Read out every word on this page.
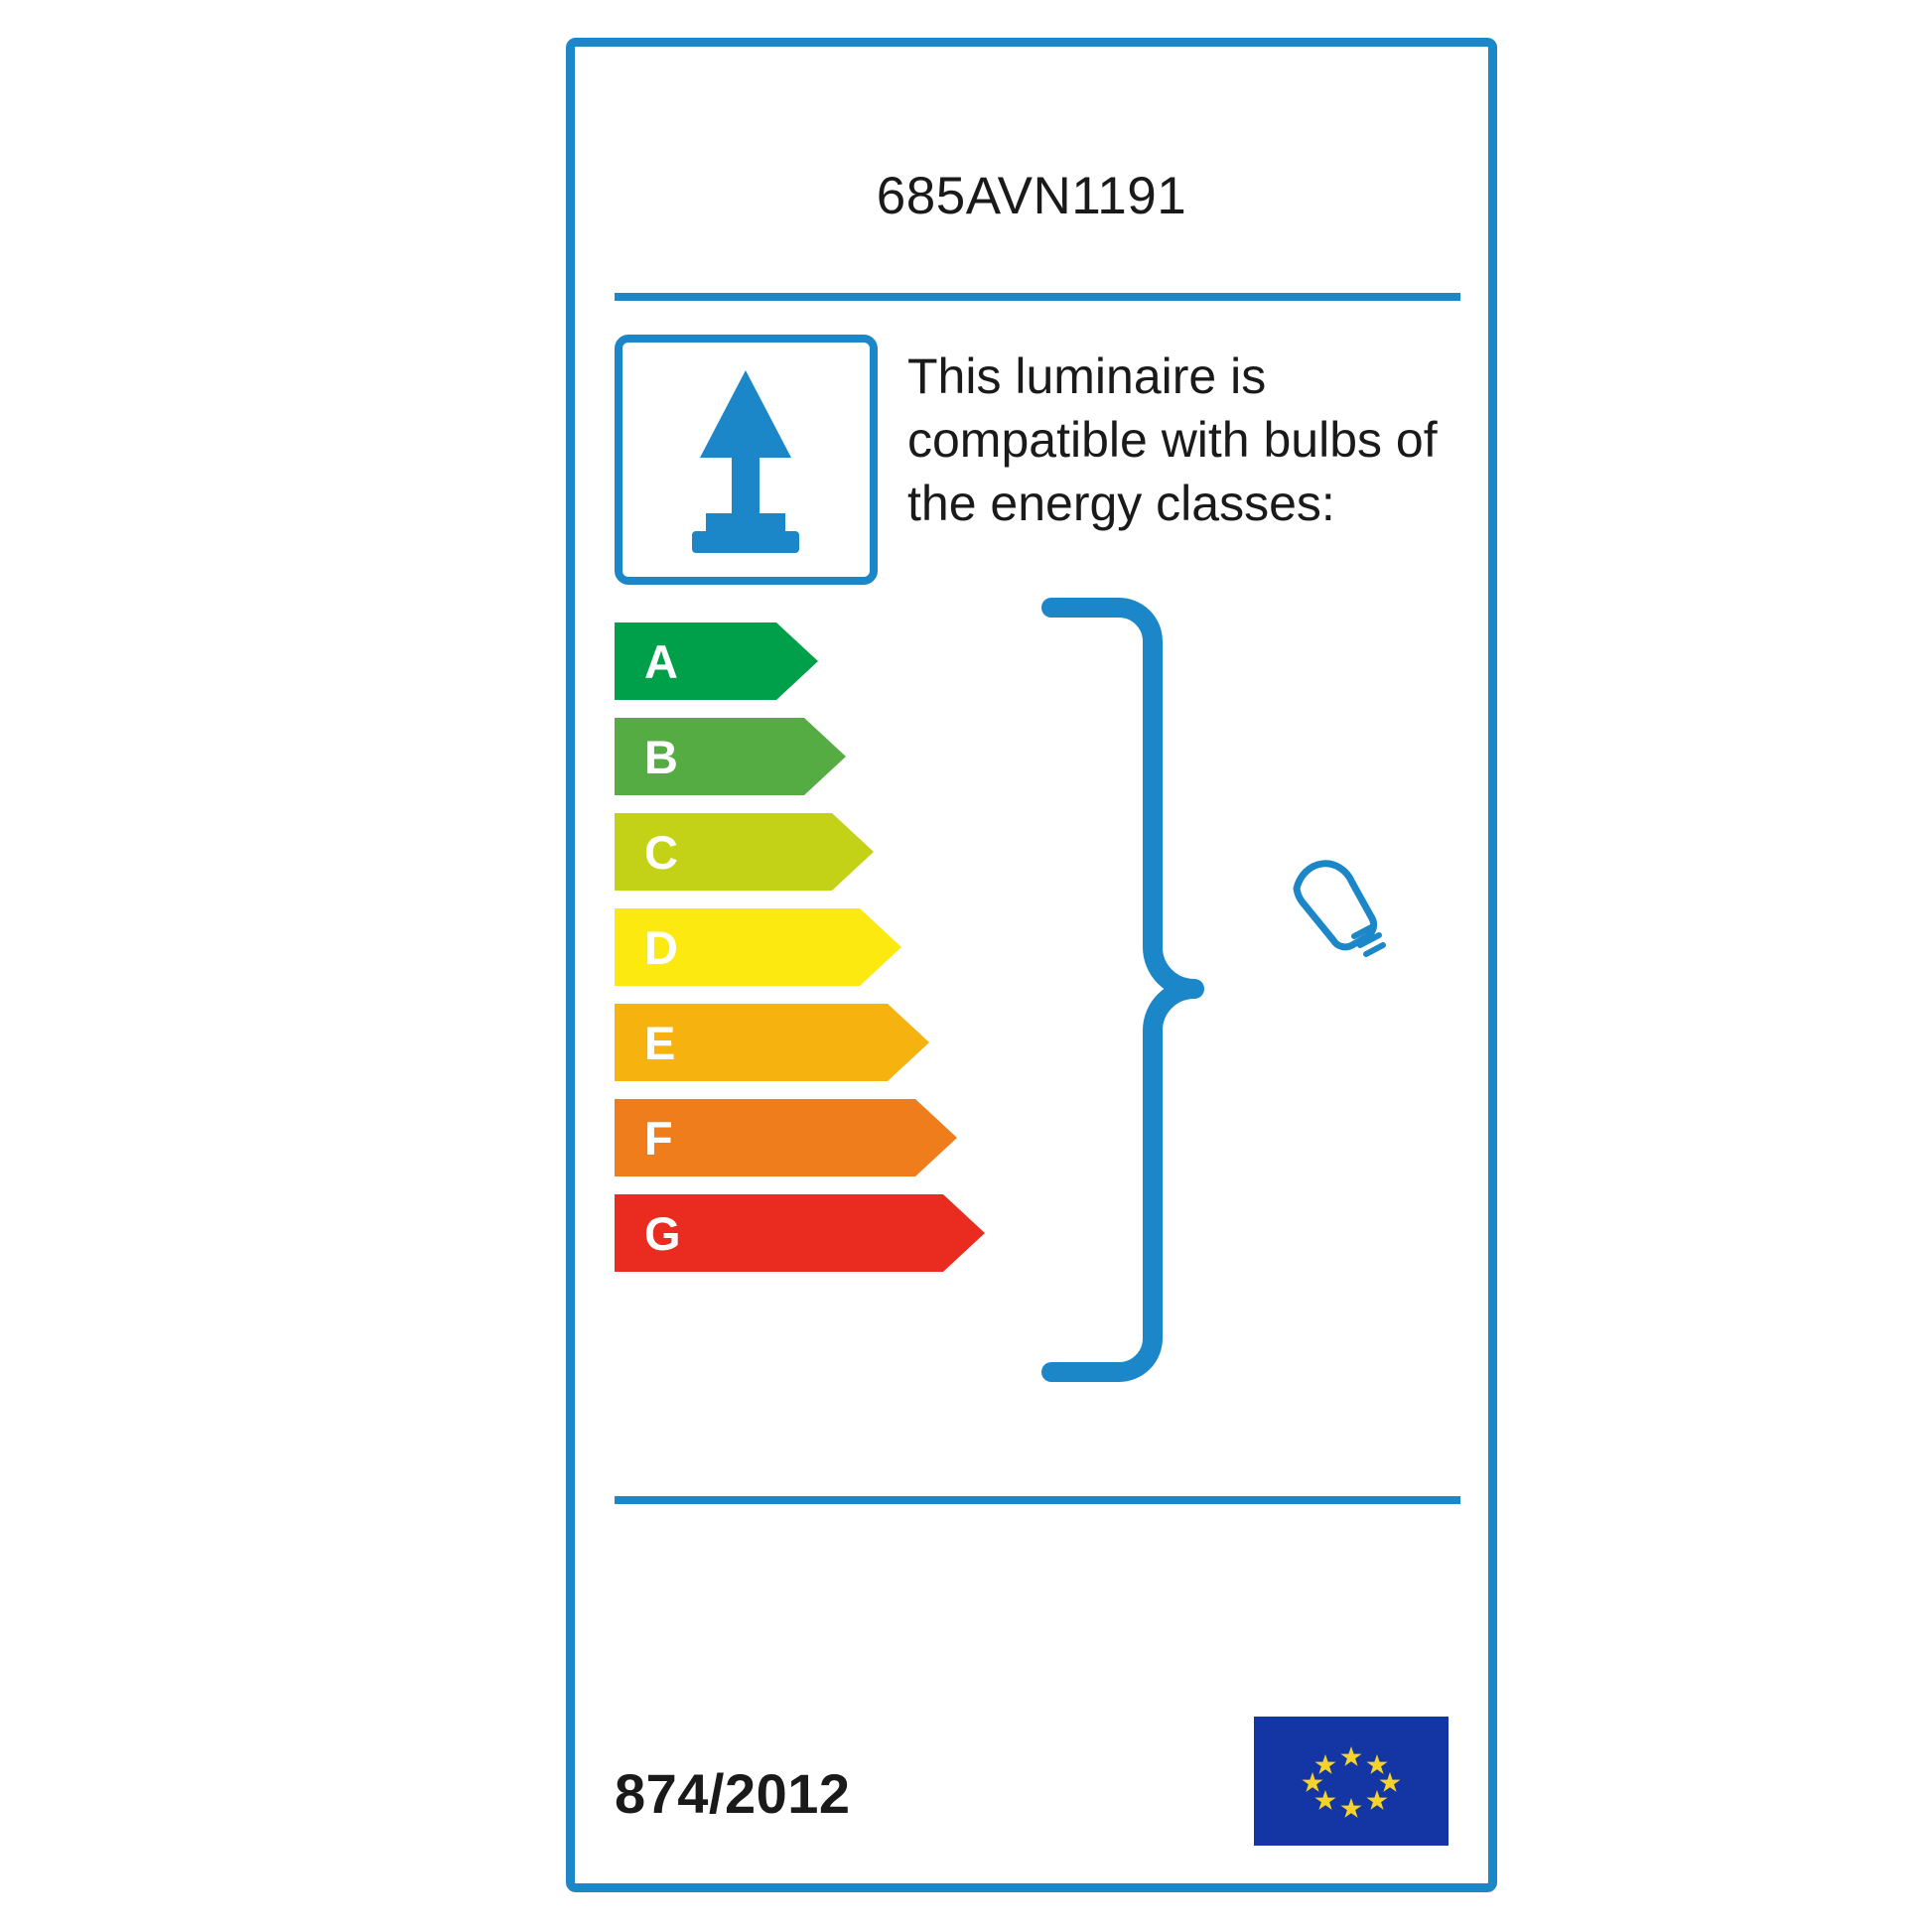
685AVN1191
This luminaire is compatible with bulbs of the energy classes:
A
B
C
D
E
F
G
874/2012
